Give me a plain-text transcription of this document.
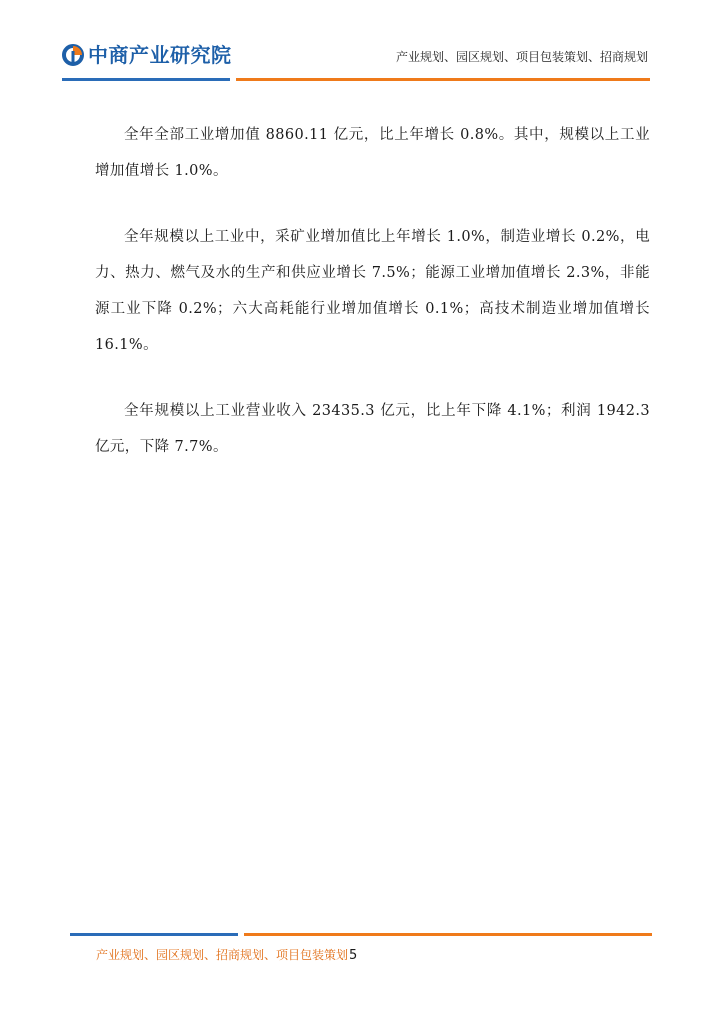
中商产业研究院	产业规划、园区规划、项目包装策划、招商规划

全年全部工业增加值 8860.11 亿元，比上年增长 0.8%。其中，规模以上工业增加值增长 1.0%。

全年规模以上工业中，采矿业增加值比上年增长 1.0%，制造业增长 0.2%，电力、热力、燃气及水的生产和供应业增长 7.5%；能源工业增加值增长 2.3%，非能源工业下降 0.2%；六大高耗能行业增加值增长 0.1%；高技术制造业增加值增长 16.1%。

全年规模以上工业营业收入 23435.3 亿元，比上年下降 4.1%；利润 1942.3 亿元，下降 7.7%。

产业规划、园区规划、招商规划、项目包装策划5
